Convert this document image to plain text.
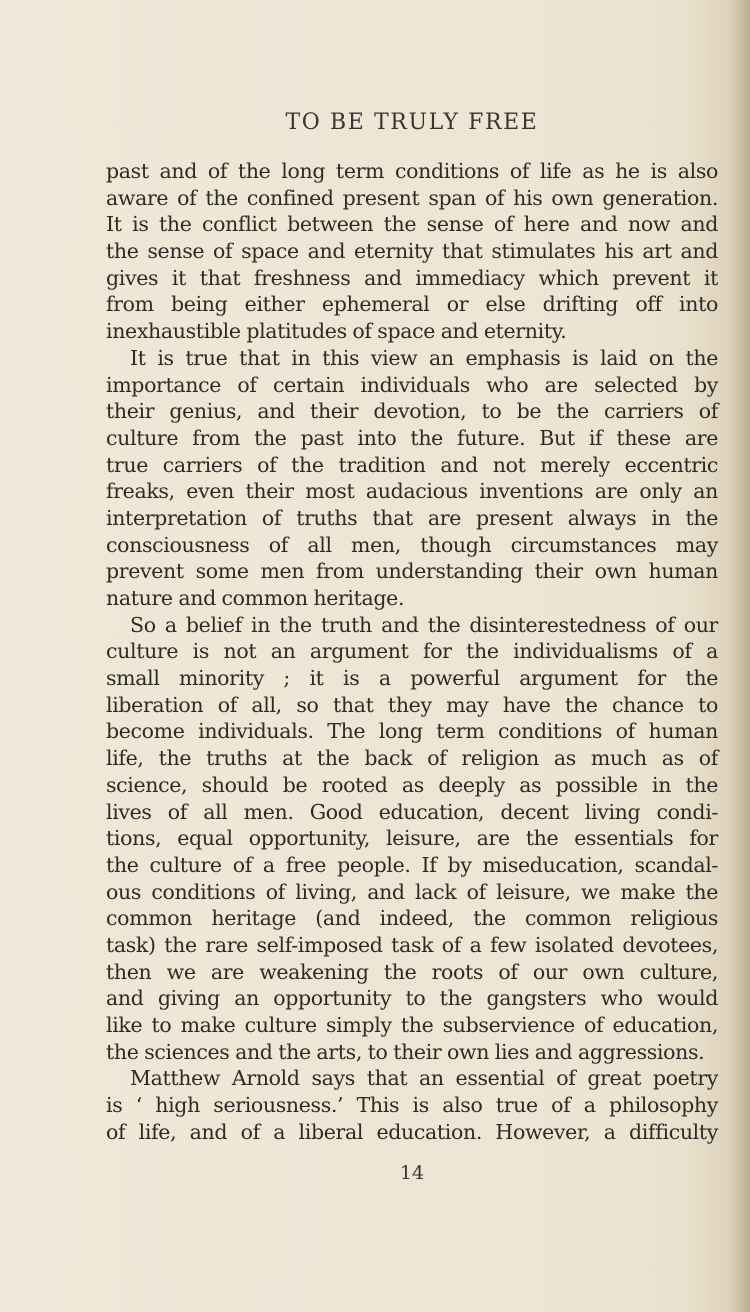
TO BE TRULY FREE
past and of the long term conditions of life as he is also
aware of the confined present span of his own generation.
It is the conflict between the sense of here and now and
the sense of space and eternity that stimulates his art and
gives it that freshness and immediacy which prevent it
from being either ephemeral or else drifting off into
inexhaustible platitudes of space and eternity.
It is true that in this view an emphasis is laid on the
importance of certain individuals who are selected by
their genius, and their devotion, to be the carriers of
culture from the past into the future. But if these are
true carriers of the tradition and not merely eccentric
freaks, even their most audacious inventions are only an
interpretation of truths that are present always in the
consciousness of all men, though circumstances may
prevent some men from understanding their own human
nature and common heritage.
So a belief in the truth and the disinterestedness of our
culture is not an argument for the individualisms of a
small minority ; it is a powerful argument for the
liberation of all, so that they may have the chance to
become individuals. The long term conditions of human
life, the truths at the back of religion as much as of
science, should be rooted as deeply as possible in the
lives of all men. Good education, decent living condi-
tions, equal opportunity, leisure, are the essentials for
the culture of a free people. If by miseducation, scandal-
ous conditions of living, and lack of leisure, we make the
common heritage (and indeed, the common religious
task) the rare self-imposed task of a few isolated devotees,
then we are weakening the roots of our own culture,
and giving an opportunity to the gangsters who would
like to make culture simply the subservience of education,
the sciences and the arts, to their own lies and aggressions.
Matthew Arnold says that an essential of great poetry
is ‘ high seriousness.’ This is also true of a philosophy
of life, and of a liberal education. However, a difficulty
14
